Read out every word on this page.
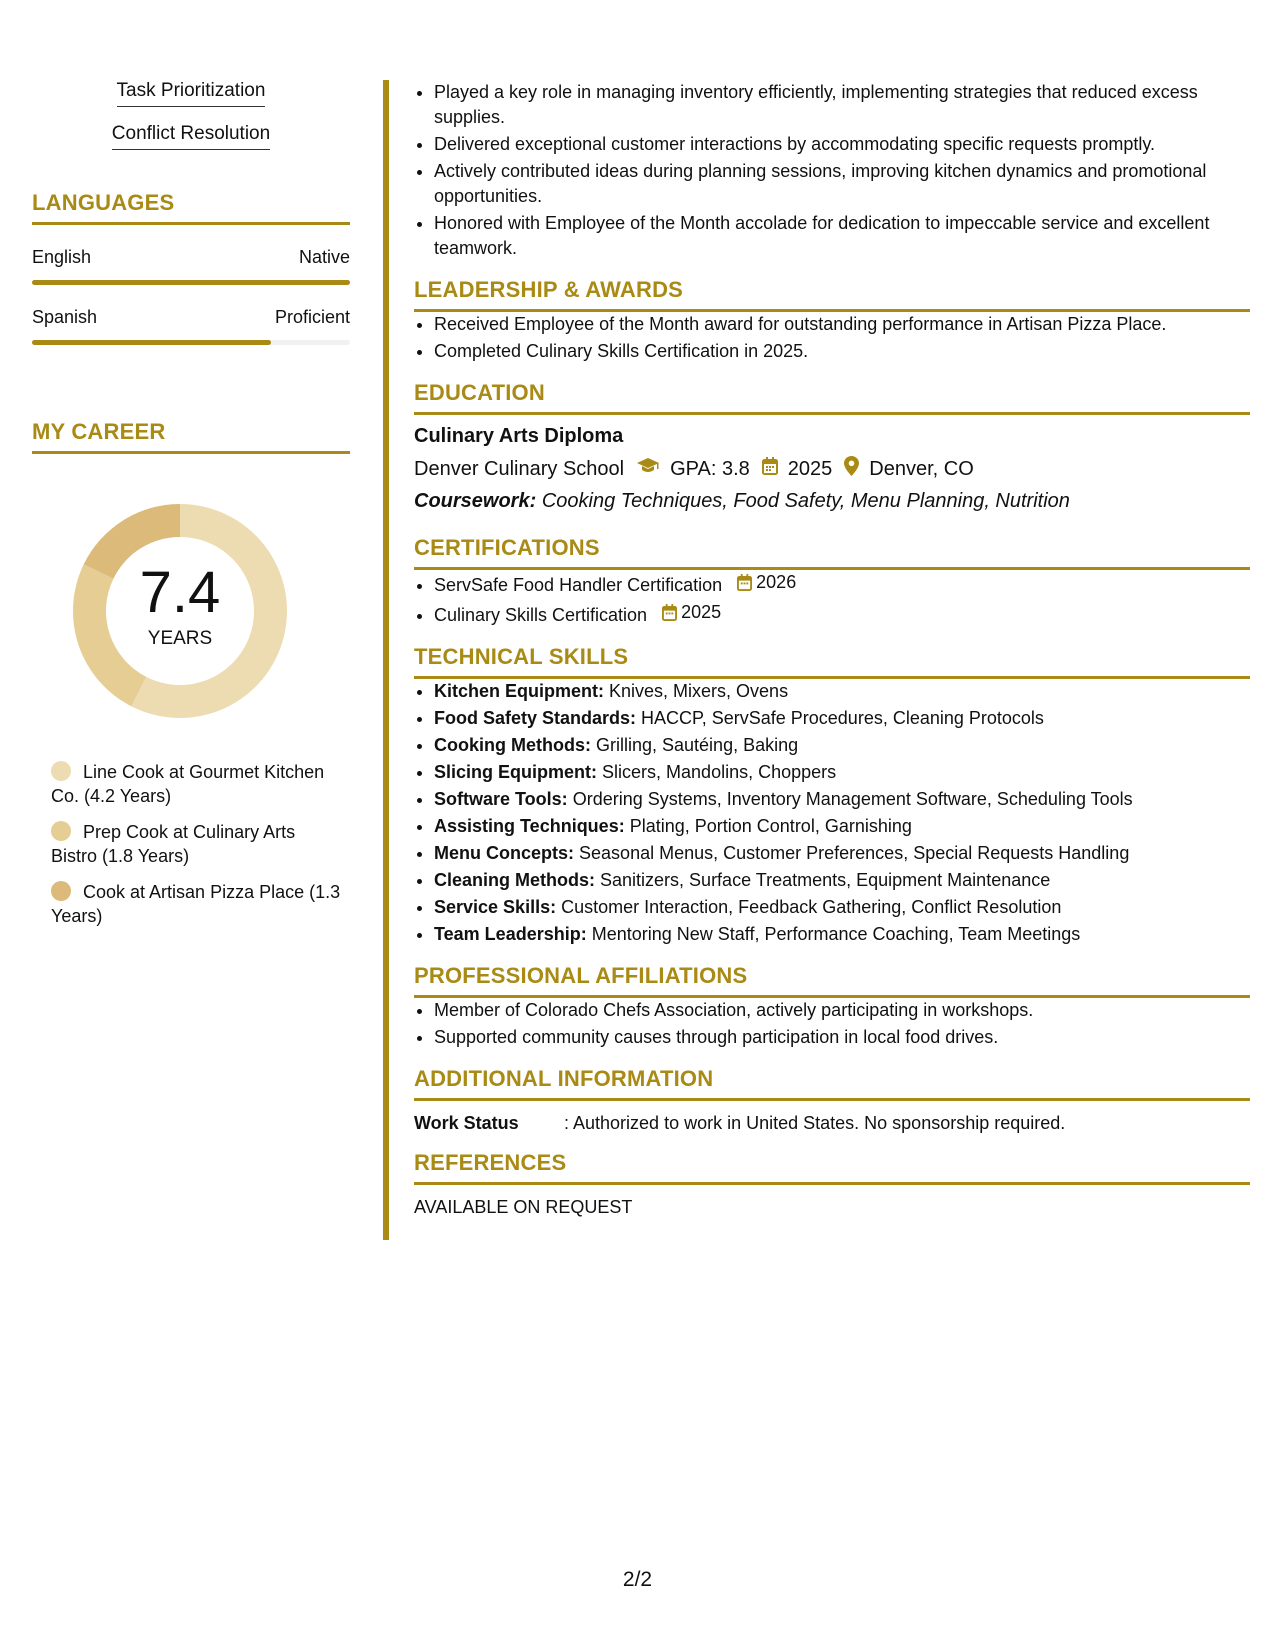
Task Prioritization
Conflict Resolution
LANGUAGES
English	Native
Spanish	Proficient
MY CAREER
7.4
YEARS
Line Cook at Gourmet Kitchen Co. (4.2 Years)
Prep Cook at Culinary Arts Bistro (1.8 Years)
Cook at Artisan Pizza Place (1.3 Years)
• Played a key role in managing inventory efficiently, implementing strategies that reduced excess supplies.
• Delivered exceptional customer interactions by accommodating specific requests promptly.
• Actively contributed ideas during planning sessions, improving kitchen dynamics and promotional opportunities.
• Honored with Employee of the Month accolade for dedication to impeccable service and excellent teamwork.
LEADERSHIP & AWARDS
• Received Employee of the Month award for outstanding performance in Artisan Pizza Place.
• Completed Culinary Skills Certification in 2025.
EDUCATION
Culinary Arts Diploma
Denver Culinary School GPA: 3.8 2025 Denver, CO
Coursework: Cooking Techniques, Food Safety, Menu Planning, Nutrition
CERTIFICATIONS
• ServSafe Food Handler Certification 2026
• Culinary Skills Certification 2025
TECHNICAL SKILLS
• Kitchen Equipment: Knives, Mixers, Ovens
• Food Safety Standards: HACCP, ServSafe Procedures, Cleaning Protocols
• Cooking Methods: Grilling, Sautéing, Baking
• Slicing Equipment: Slicers, Mandolins, Choppers
• Software Tools: Ordering Systems, Inventory Management Software, Scheduling Tools
• Assisting Techniques: Plating, Portion Control, Garnishing
• Menu Concepts: Seasonal Menus, Customer Preferences, Special Requests Handling
• Cleaning Methods: Sanitizers, Surface Treatments, Equipment Maintenance
• Service Skills: Customer Interaction, Feedback Gathering, Conflict Resolution
• Team Leadership: Mentoring New Staff, Performance Coaching, Team Meetings
PROFESSIONAL AFFILIATIONS
• Member of Colorado Chefs Association, actively participating in workshops.
• Supported community causes through participation in local food drives.
ADDITIONAL INFORMATION
Work Status	: Authorized to work in United States. No sponsorship required.
REFERENCES
AVAILABLE ON REQUEST
2/2
